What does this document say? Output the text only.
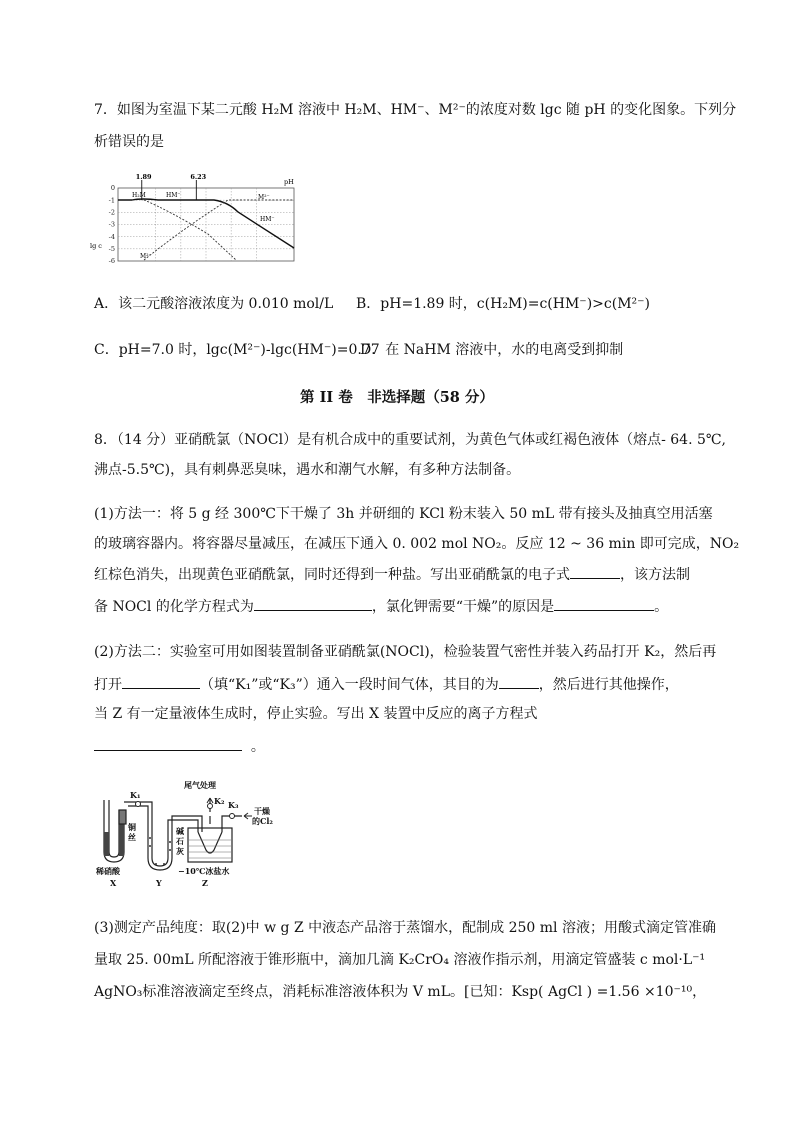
7．如图为室温下某二元酸 H₂M 溶液中 H₂M、HM⁻、M²⁻的浓度对数 lgc 随 pH 的变化图象。下列分
析错误的是
0
-1
-2
-3
-4
-5
-6
lg c
pH
1.89	6.23
H₂M	HM⁻	M²⁻
HM⁻
M²⁻
A．该二元酸溶液浓度为 0.010 mol/L B．pH=1.89 时，c(H₂M)=c(HM⁻)>c(M²⁻)
C．pH=7.0 时，lgc(M²⁻)-lgc(HM⁻)=0.77
D．在 NaHM 溶液中，水的电离受到抑制
第 II 卷　非选择题（58 分）
8．（14 分）亚硝酰氯（NOCl）是有机合成中的重要试剂，为黄色气体或红褐色液体（熔点- 64. 5℃,
沸点-5.5℃)，具有刺鼻恶臭味，遇水和潮气水解，有多种方法制备。
(1)方法一：将 5 g 经 300℃下干燥了 3h 并研细的 KCl 粉末装入 50 mL 带有接头及抽真空用活塞
的玻璃容器内。将容器尽量减压，在减压下通入 0. 002 mol NO₂。反应 12 ~ 36 min 即可完成，NO₂
红棕色消失，出现黄色亚硝酰氯，同时还得到一种盐。写出亚硝酰氯的电子式	，该方法制
备 NOCl 的化学方程式为	，氯化钾需要“干燥”的原因是	。
(2)方法二：实验室可用如图装置制备亚硝酰氯(NOCl)，检验装置气密性并装入药品打开 K₂，然后再
打开	（填“K₁”或“K₃”）通入一段时间气体，其目的为	，然后进行其他操作，
当 Z 有一定量液体生成时，停止实验。写出 X 装置中反应的离子方程式
。
尾气处理
干燥
的Cl₂
K₁
K₂ K₃
铜
丝
碱
石
灰
−10℃冰盐水
稀硝酸
X	Y	Z
(3)测定产品纯度：取(2)中 w g Z 中液态产品溶于蒸馏水，配制成 250 ml 溶液；用酸式滴定管准确
量取 25. 00mL 所配溶液于锥形瓶中，滴加几滴 K₂CrO₄ 溶液作指示剂，用滴定管盛装 c mol·L⁻¹
AgNO₃标准溶液滴定至终点，消耗标准溶液体积为 V mL。[已知：Ksp( AgCl ) =1.56 ×10⁻¹⁰，
